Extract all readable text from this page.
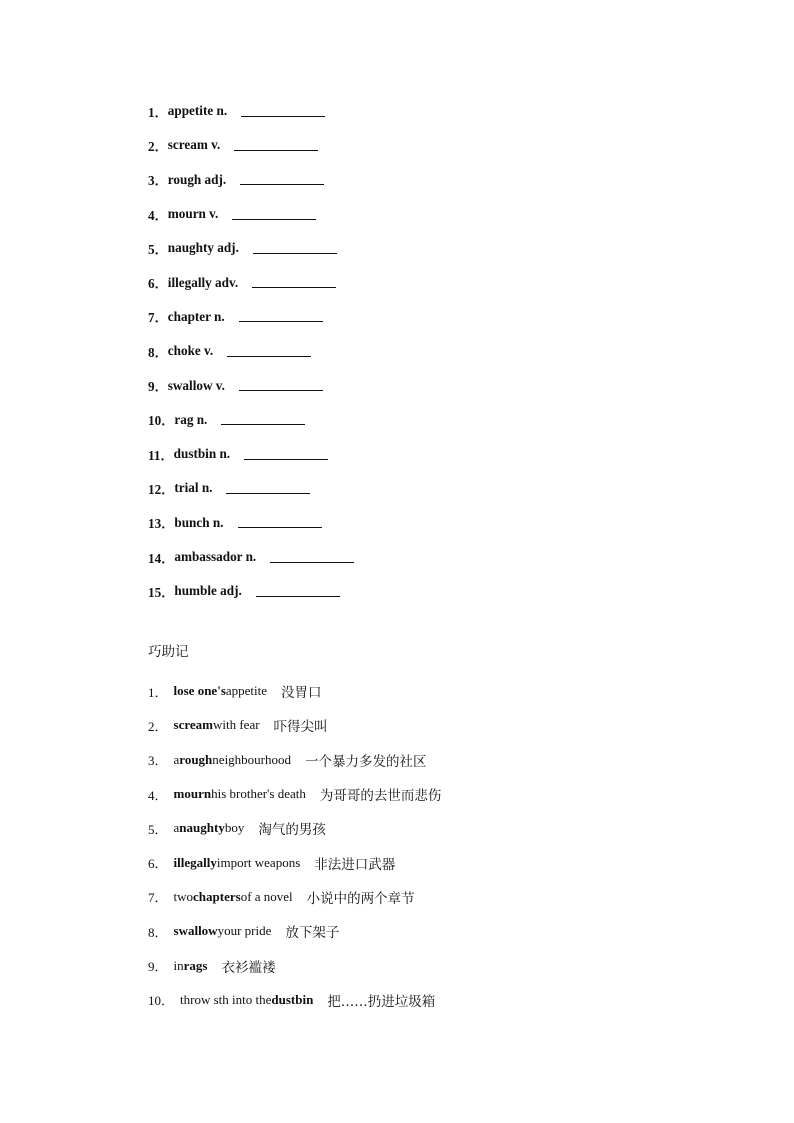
1． appetite n.
2． scream v.
3． rough adj.
4． mourn v.
5． naughty adj.
6． illegally adv.
7． chapter n.
8． choke v.
9． swallow v.
10． rag n.
11． dustbin n.
12． trial n.
13． bunch n.
14． ambassador n.
15． humble adj.
巧助记
1． lose one's appetite 没胃口
2． scream with fear 吓得尖叫
3． a rough neighbourhood 一个暴力多发的社区
4． mourn his brother's death 为哥哥的去世而悲伤
5． a naughty boy 淘气的男孩
6． illegally import weapons 非法进口武器
7． two chapters of a novel 小说中的两个章节
8． swallow your pride 放下架子
9． in rags 衣衫褴褛
10． throw sth into the dustbin 把……扔进垃圾箱
